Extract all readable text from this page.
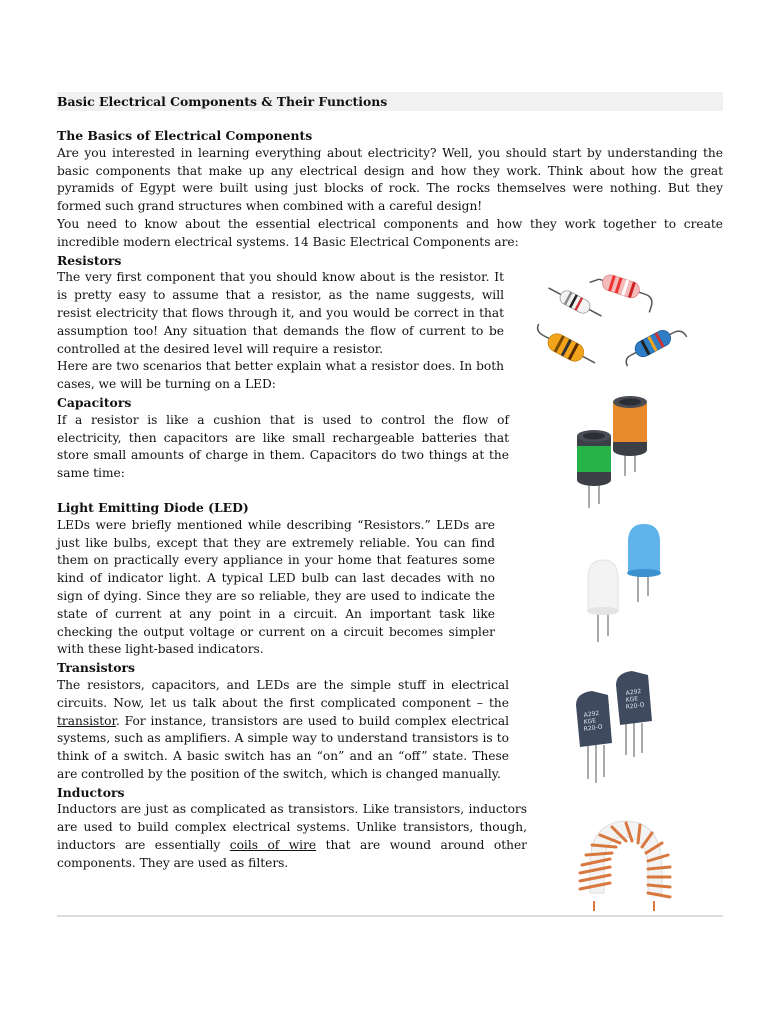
Basic Electrical Components & Their Functions

The Basics of Electrical Components

Are you interested in learning everything about electricity? Well, you should start by understanding the basic components that make up any electrical design and how they work. Think about how the great pyramids of Egypt were built using just blocks of rock. The rocks themselves were nothing. But they formed such grand structures when combined with a careful design!

You need to know about the essential electrical components and how they work together to create incredible modern electrical systems. 14 Basic Electrical Components are:

Resistors

The very first component that you should know about is the resistor. It is pretty easy to assume that a resistor, as the name suggests, will resist electricity that flows through it, and you would be correct in that assumption too! Any situation that demands the flow of current to be controlled at the desired level will require a resistor.

Here are two scenarios that better explain what a resistor does. In both cases, we will be turning on a LED:

Capacitors

If a resistor is like a cushion that is used to control the flow of electricity, then capacitors are like small rechargeable batteries that store small amounts of charge in them. Capacitors do two things at the same time:

Light Emitting Diode (LED)

LEDs were briefly mentioned while describing “Resistors.” LEDs are just like bulbs, except that they are extremely reliable. You can find them on practically every appliance in your home that features some kind of indicator light. A typical LED bulb can last decades with no sign of dying. Since they are so reliable, they are used to indicate the state of current at any point in a circuit. An important task like checking the output voltage or current on a circuit becomes simpler with these light-based indicators.

Transistors

The resistors, capacitors, and LEDs are the simple stuff in electrical circuits. Now, let us talk about the first complicated component – the transistor. For instance, transistors are used to build complex electrical systems, such as amplifiers. A simple way to understand transistors is to think of a switch. A basic switch has an “on” and an “off” state. These are controlled by the position of the switch, which is changed manually.

Inductors

Inductors are just as complicated as transistors. Like transistors, inductors are used to build complex electrical systems. Unlike transistors, though, inductors are essentially coils of wire that are wound around other components. They are used as filters.

A292
KGE
R20-O
A292
KGE
R20-O
